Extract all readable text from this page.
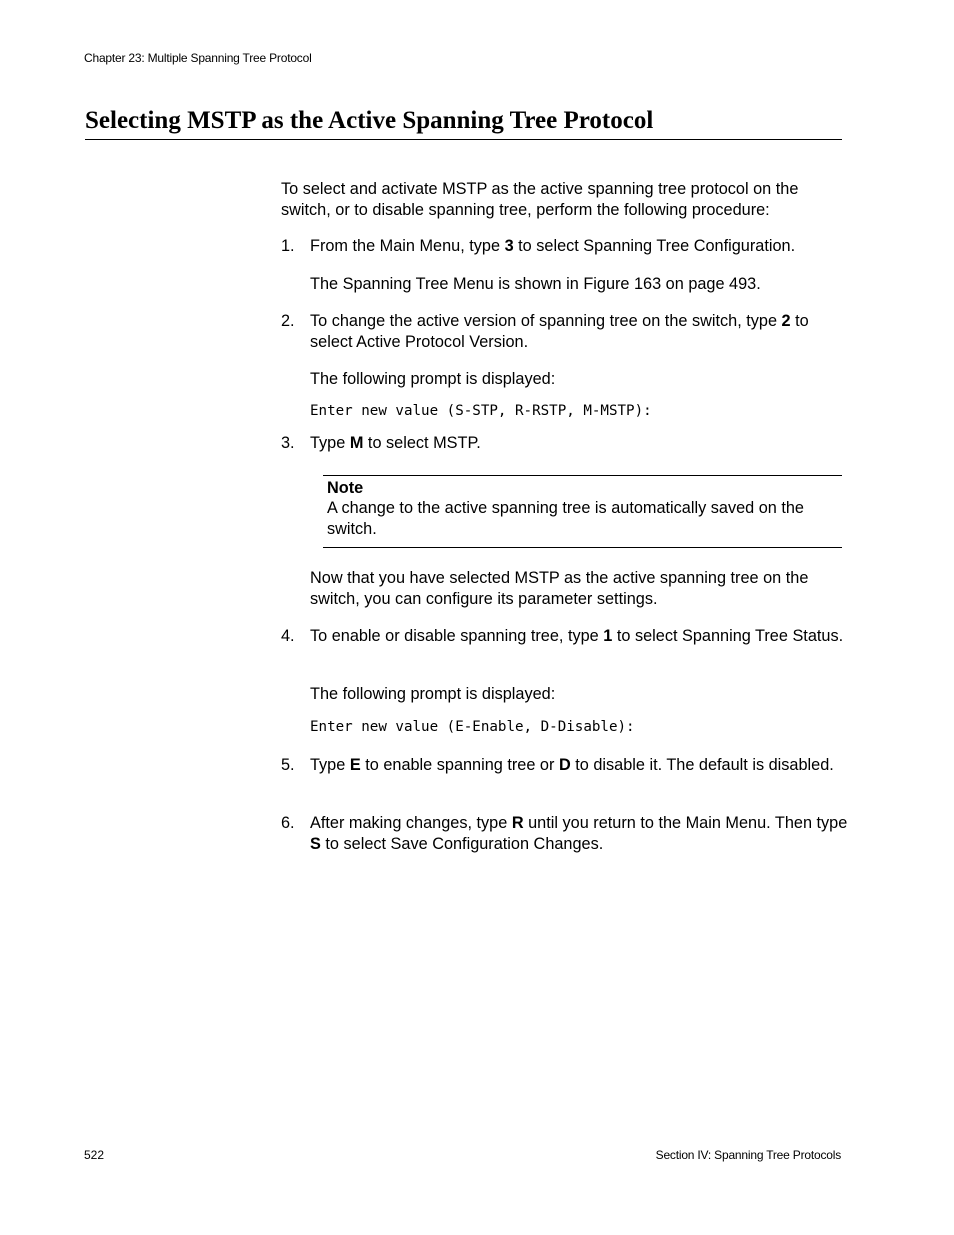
Chapter 23: Multiple Spanning Tree Protocol
Selecting MSTP as the Active Spanning Tree Protocol
To select and activate MSTP as the active spanning tree protocol on the switch, or to disable spanning tree, perform the following procedure:
1. From the Main Menu, type 3 to select Spanning Tree Configuration.
The Spanning Tree Menu is shown in Figure 163 on page 493.
2. To change the active version of spanning tree on the switch, type 2 to select Active Protocol Version.
The following prompt is displayed:
Enter new value (S-STP, R-RSTP, M-MSTP):
3. Type M to select MSTP.
Note
A change to the active spanning tree is automatically saved on the switch.
Now that you have selected MSTP as the active spanning tree on the switch, you can configure its parameter settings.
4. To enable or disable spanning tree, type 1 to select Spanning Tree Status.
The following prompt is displayed:
Enter new value (E-Enable, D-Disable):
5. Type E to enable spanning tree or D to disable it. The default is disabled.
6. After making changes, type R until you return to the Main Menu. Then type S to select Save Configuration Changes.
522	Section IV: Spanning Tree Protocols
